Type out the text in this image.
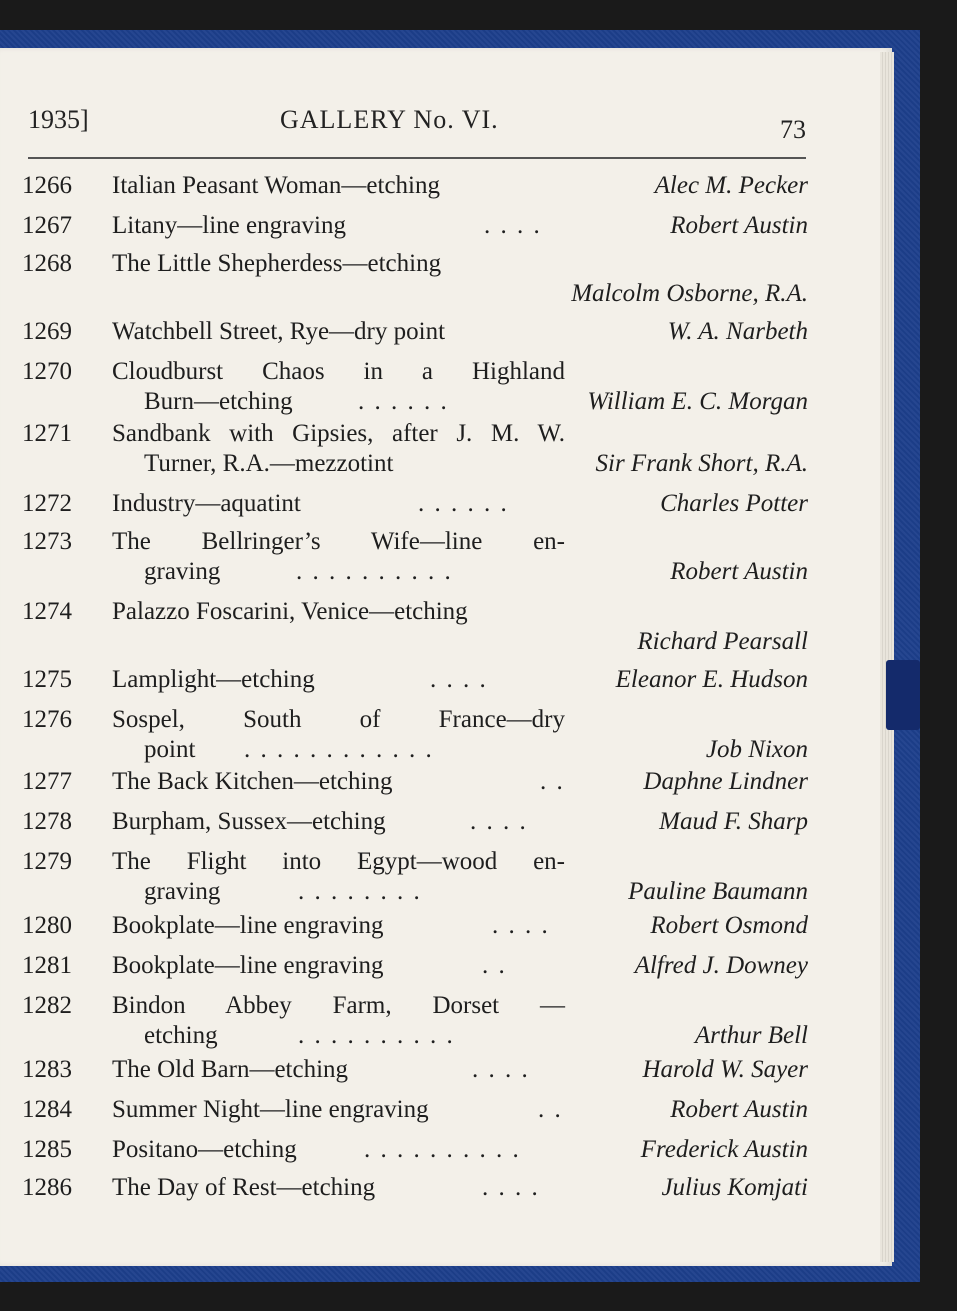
1935]	GALLERY No. VI.	73
1266	Italian Peasant Woman—etching	Alec M. Pecker
1267	Litany—line engraving	. . . .	Robert Austin
1268	The Little Shepherdess—etching
Malcolm Osborne, R.A.
1269	Watchbell Street, Rye—dry point	W. A. Narbeth
1270	Cloudburst Chaos in a Highland
Burn—etching	. . . . . .	William E. C. Morgan
1271	Sandbank with Gipsies, after J. M. W.
Turner, R.A.—mezzotint	Sir Frank Short, R.A.
1272	Industry—aquatint	. . . . . .	Charles Potter
1273	The Bellringer’s Wife—line en-
graving	. . . . . . . . . .	Robert Austin
1274	Palazzo Foscarini, Venice—etching
Richard Pearsall
1275	Lamplight—etching	. . . .	Eleanor E. Hudson
1276	Sospel, South of France—dry
point . . . . . . . . . . . .	Job Nixon
1277	The Back Kitchen—etching	. .	Daphne Lindner
1278	Burpham, Sussex—etching	. . . .	Maud F. Sharp
1279	The Flight into Egypt—wood en-
graving	. . . . . . . .	Pauline Baumann
1280	Bookplate—line engraving	. . . .	Robert Osmond
1281	Bookplate—line engraving	. .	Alfred J. Downey
1282	Bindon Abbey Farm, Dorset —
etching	. . . . . . . . . .	Arthur Bell
1283	The Old Barn—etching	. . . .	Harold W. Sayer
1284	Summer Night—line engraving	. .	Robert Austin
1285	Positano—etching	. . . . . . . . . .	Frederick Austin
1286	The Day of Rest—etching	. . . .	Julius Komjati
